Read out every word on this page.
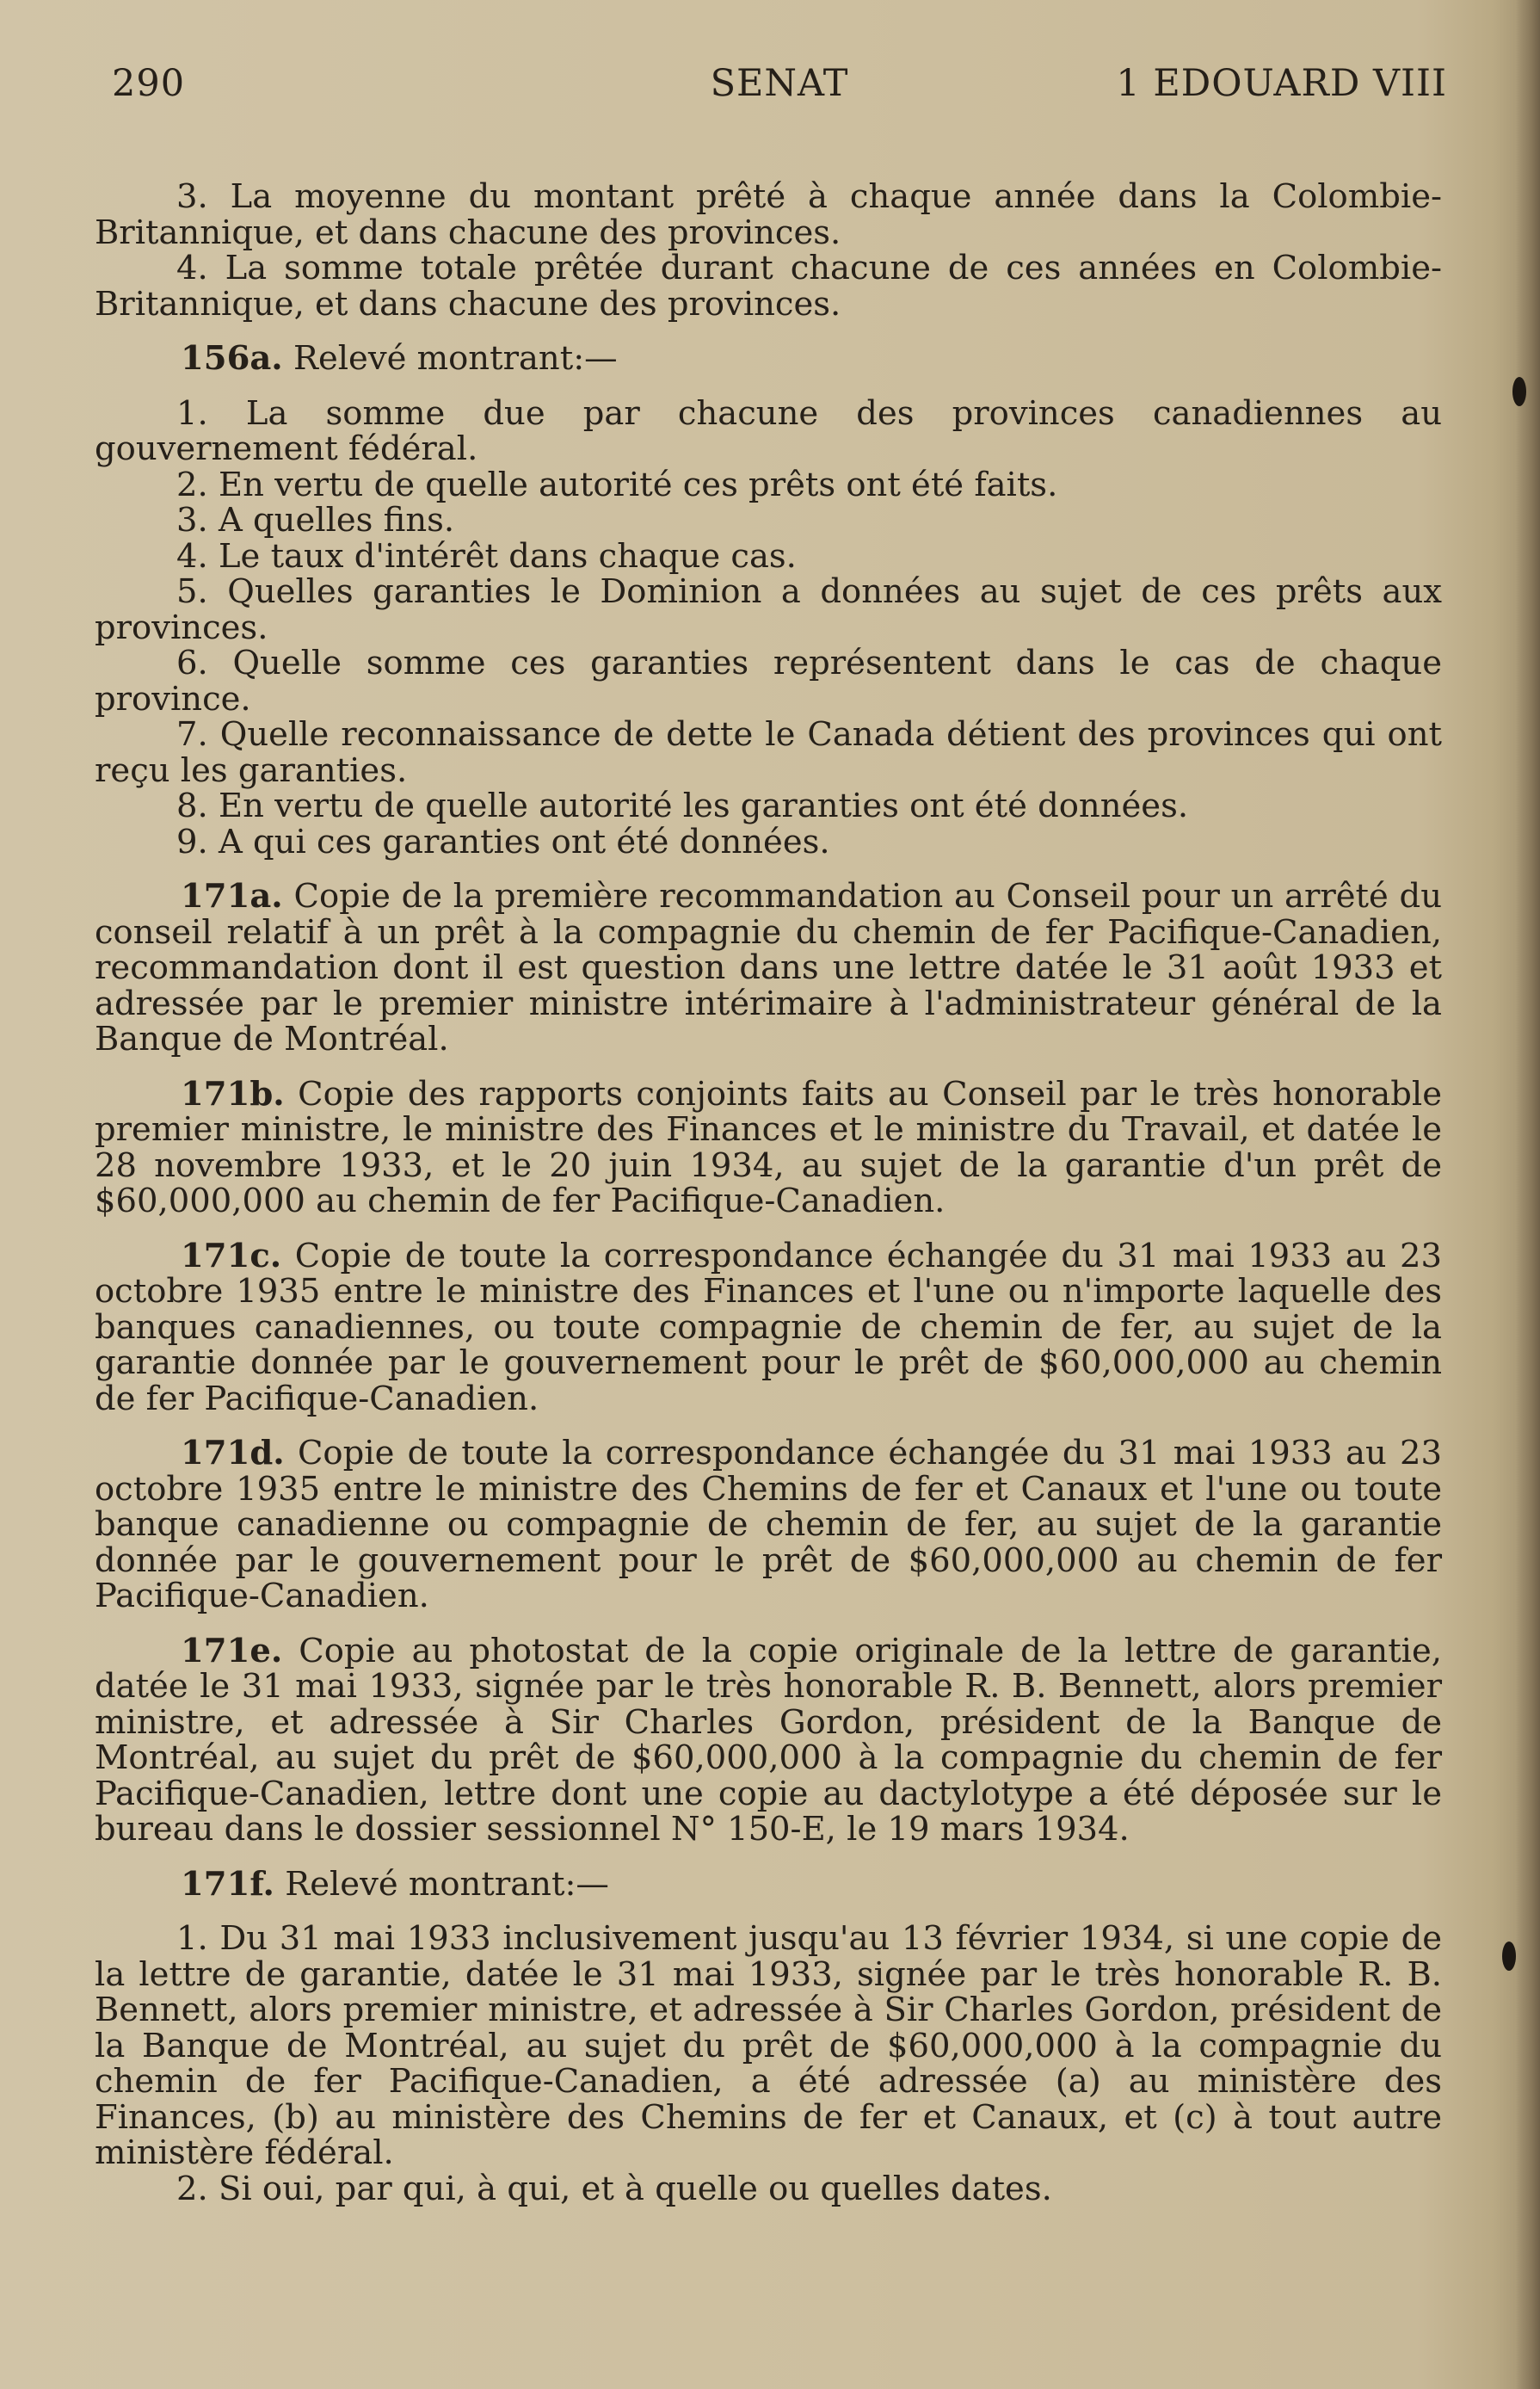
290	SENAT	1 EDOUARD VIII

3. La moyenne du montant prêté à chaque année dans la Colombie-Britannique, et dans chacune des provinces.

4. La somme totale prêtée durant chacune de ces années en Colombie-Britannique, et dans chacune des provinces.

156a. Relevé montrant:—

1. La somme due par chacune des provinces canadiennes au gouvernement fédéral.

2. En vertu de quelle autorité ces prêts ont été faits.

3. A quelles fins.

4. Le taux d'intérêt dans chaque cas.

5. Quelles garanties le Dominion a données au sujet de ces prêts aux provinces.

6. Quelle somme ces garanties représentent dans le cas de chaque province.

7. Quelle reconnaissance de dette le Canada détient des provinces qui ont reçu les garanties.

8. En vertu de quelle autorité les garanties ont été données.

9. A qui ces garanties ont été données.

171a. Copie de la première recommandation au Conseil pour un arrêté du conseil relatif à un prêt à la compagnie du chemin de fer Pacifique-Canadien, recommandation dont il est question dans une lettre datée le 31 août 1933 et adressée par le premier ministre intérimaire à l'administrateur général de la Banque de Montréal.

171b. Copie des rapports conjoints faits au Conseil par le très honorable premier ministre, le ministre des Finances et le ministre du Travail, et datée le 28 novembre 1933, et le 20 juin 1934, au sujet de la garantie d'un prêt de $60,000,000 au chemin de fer Pacifique-Canadien.

171c. Copie de toute la correspondance échangée du 31 mai 1933 au 23 octobre 1935 entre le ministre des Finances et l'une ou n'importe laquelle des banques canadiennes, ou toute compagnie de chemin de fer, au sujet de la garantie donnée par le gouvernement pour le prêt de $60,000,000 au chemin de fer Pacifique-Canadien.

171d. Copie de toute la correspondance échangée du 31 mai 1933 au 23 octobre 1935 entre le ministre des Chemins de fer et Canaux et l'une ou toute banque canadienne ou compagnie de chemin de fer, au sujet de la garantie donnée par le gouvernement pour le prêt de $60,000,000 au chemin de fer Pacifique-Canadien.

171e. Copie au photostat de la copie originale de la lettre de garantie, datée le 31 mai 1933, signée par le très honorable R. B. Bennett, alors premier ministre, et adressée à Sir Charles Gordon, président de la Banque de Montréal, au sujet du prêt de $60,000,000 à la compagnie du chemin de fer Pacifique-Canadien, lettre dont une copie au dactylotype a été déposée sur le bureau dans le dossier sessionnel N° 150-E, le 19 mars 1934.

171f. Relevé montrant:—

1. Du 31 mai 1933 inclusivement jusqu'au 13 février 1934, si une copie de la lettre de garantie, datée le 31 mai 1933, signée par le très honorable R. B. Bennett, alors premier ministre, et adressée à Sir Charles Gordon, président de la Banque de Montréal, au sujet du prêt de $60,000,000 à la compagnie du chemin de fer Pacifique-Canadien, a été adressée (a) au ministère des Finances, (b) au ministère des Chemins de fer et Canaux, et (c) à tout autre ministère fédéral.

2. Si oui, par qui, à qui, et à quelle ou quelles dates.
